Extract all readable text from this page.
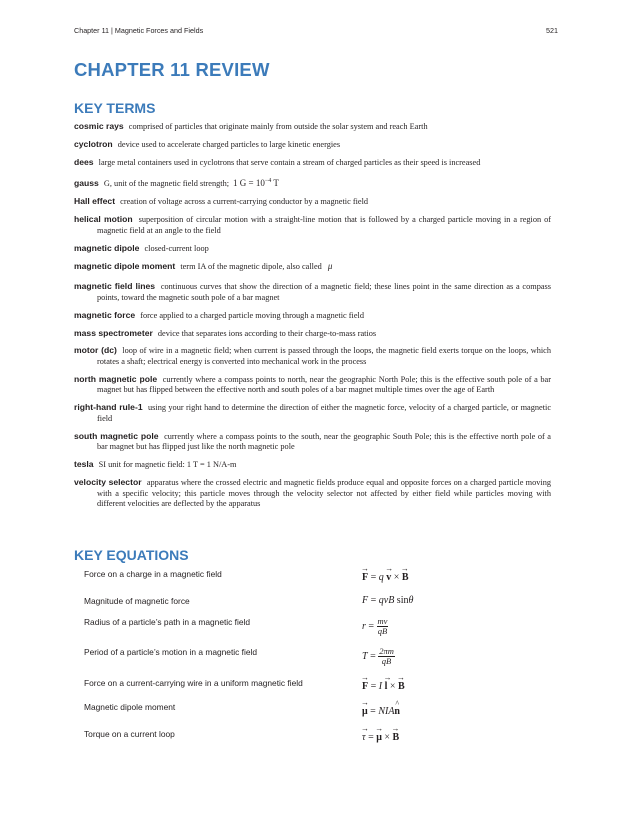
Chapter 11 | Magnetic Forces and Fields	521
CHAPTER 11 REVIEW
KEY TERMS
cosmic rays comprised of particles that originate mainly from outside the solar system and reach Earth
cyclotron device used to accelerate charged particles to large kinetic energies
dees large metal containers used in cyclotrons that serve contain a stream of charged particles as their speed is increased
gauss G, unit of the magnetic field strength; 1 $G = 10^{-4}$ T
Hall effect creation of voltage across a current-carrying conductor by a magnetic field
helical motion superposition of circular motion with a straight-line motion that is followed by a charged particle moving in a region of magnetic field at an angle to the field
magnetic dipole closed-current loop
magnetic dipole moment term IA of the magnetic dipole, also called μ
magnetic field lines continuous curves that show the direction of a magnetic field; these lines point in the same direction as a compass points, toward the magnetic south pole of a bar magnet
magnetic force force applied to a charged particle moving through a magnetic field
mass spectrometer device that separates ions according to their charge-to-mass ratios
motor (dc) loop of wire in a magnetic field; when current is passed through the loops, the magnetic field exerts torque on the loops, which rotates a shaft; electrical energy is converted into mechanical work in the process
north magnetic pole currently where a compass points to north, near the geographic North Pole; this is the effective south pole of a bar magnet but has flipped between the effective north and south poles of a bar magnet multiple times over the age of Earth
right-hand rule-1 using your right hand to determine the direction of either the magnetic force, velocity of a charged particle, or magnetic field
south magnetic pole currently where a compass points to the south, near the geographic South Pole; this is the effective north pole of a bar magnet but has flipped just like the north magnetic pole
tesla SI unit for magnetic field: 1 T = 1 N/A-m
velocity selector apparatus where the crossed electric and magnetic fields produce equal and opposite forces on a charged particle moving with a specific velocity; this particle moves through the velocity selector not affected by either field while particles moving with different velocities are deflected by the apparatus
KEY EQUATIONS
Force on a charge in a magnetic field	→ F = q → v × → B
Magnitude of magnetic force	F = qvB sinθ
Radius of a particle’s path in a magnetic field	$r = \frac{mv}{qB}$
Period of a particle’s motion in a magnetic field	$T = \frac{2\pi m}{qB}$
Force on a current-carrying wire in a uniform magnetic field	→ F = I → l × → B
Magnetic dipole moment	→ μ = NIA^ n
Torque on a current loop	→ τ = → μ × → B
